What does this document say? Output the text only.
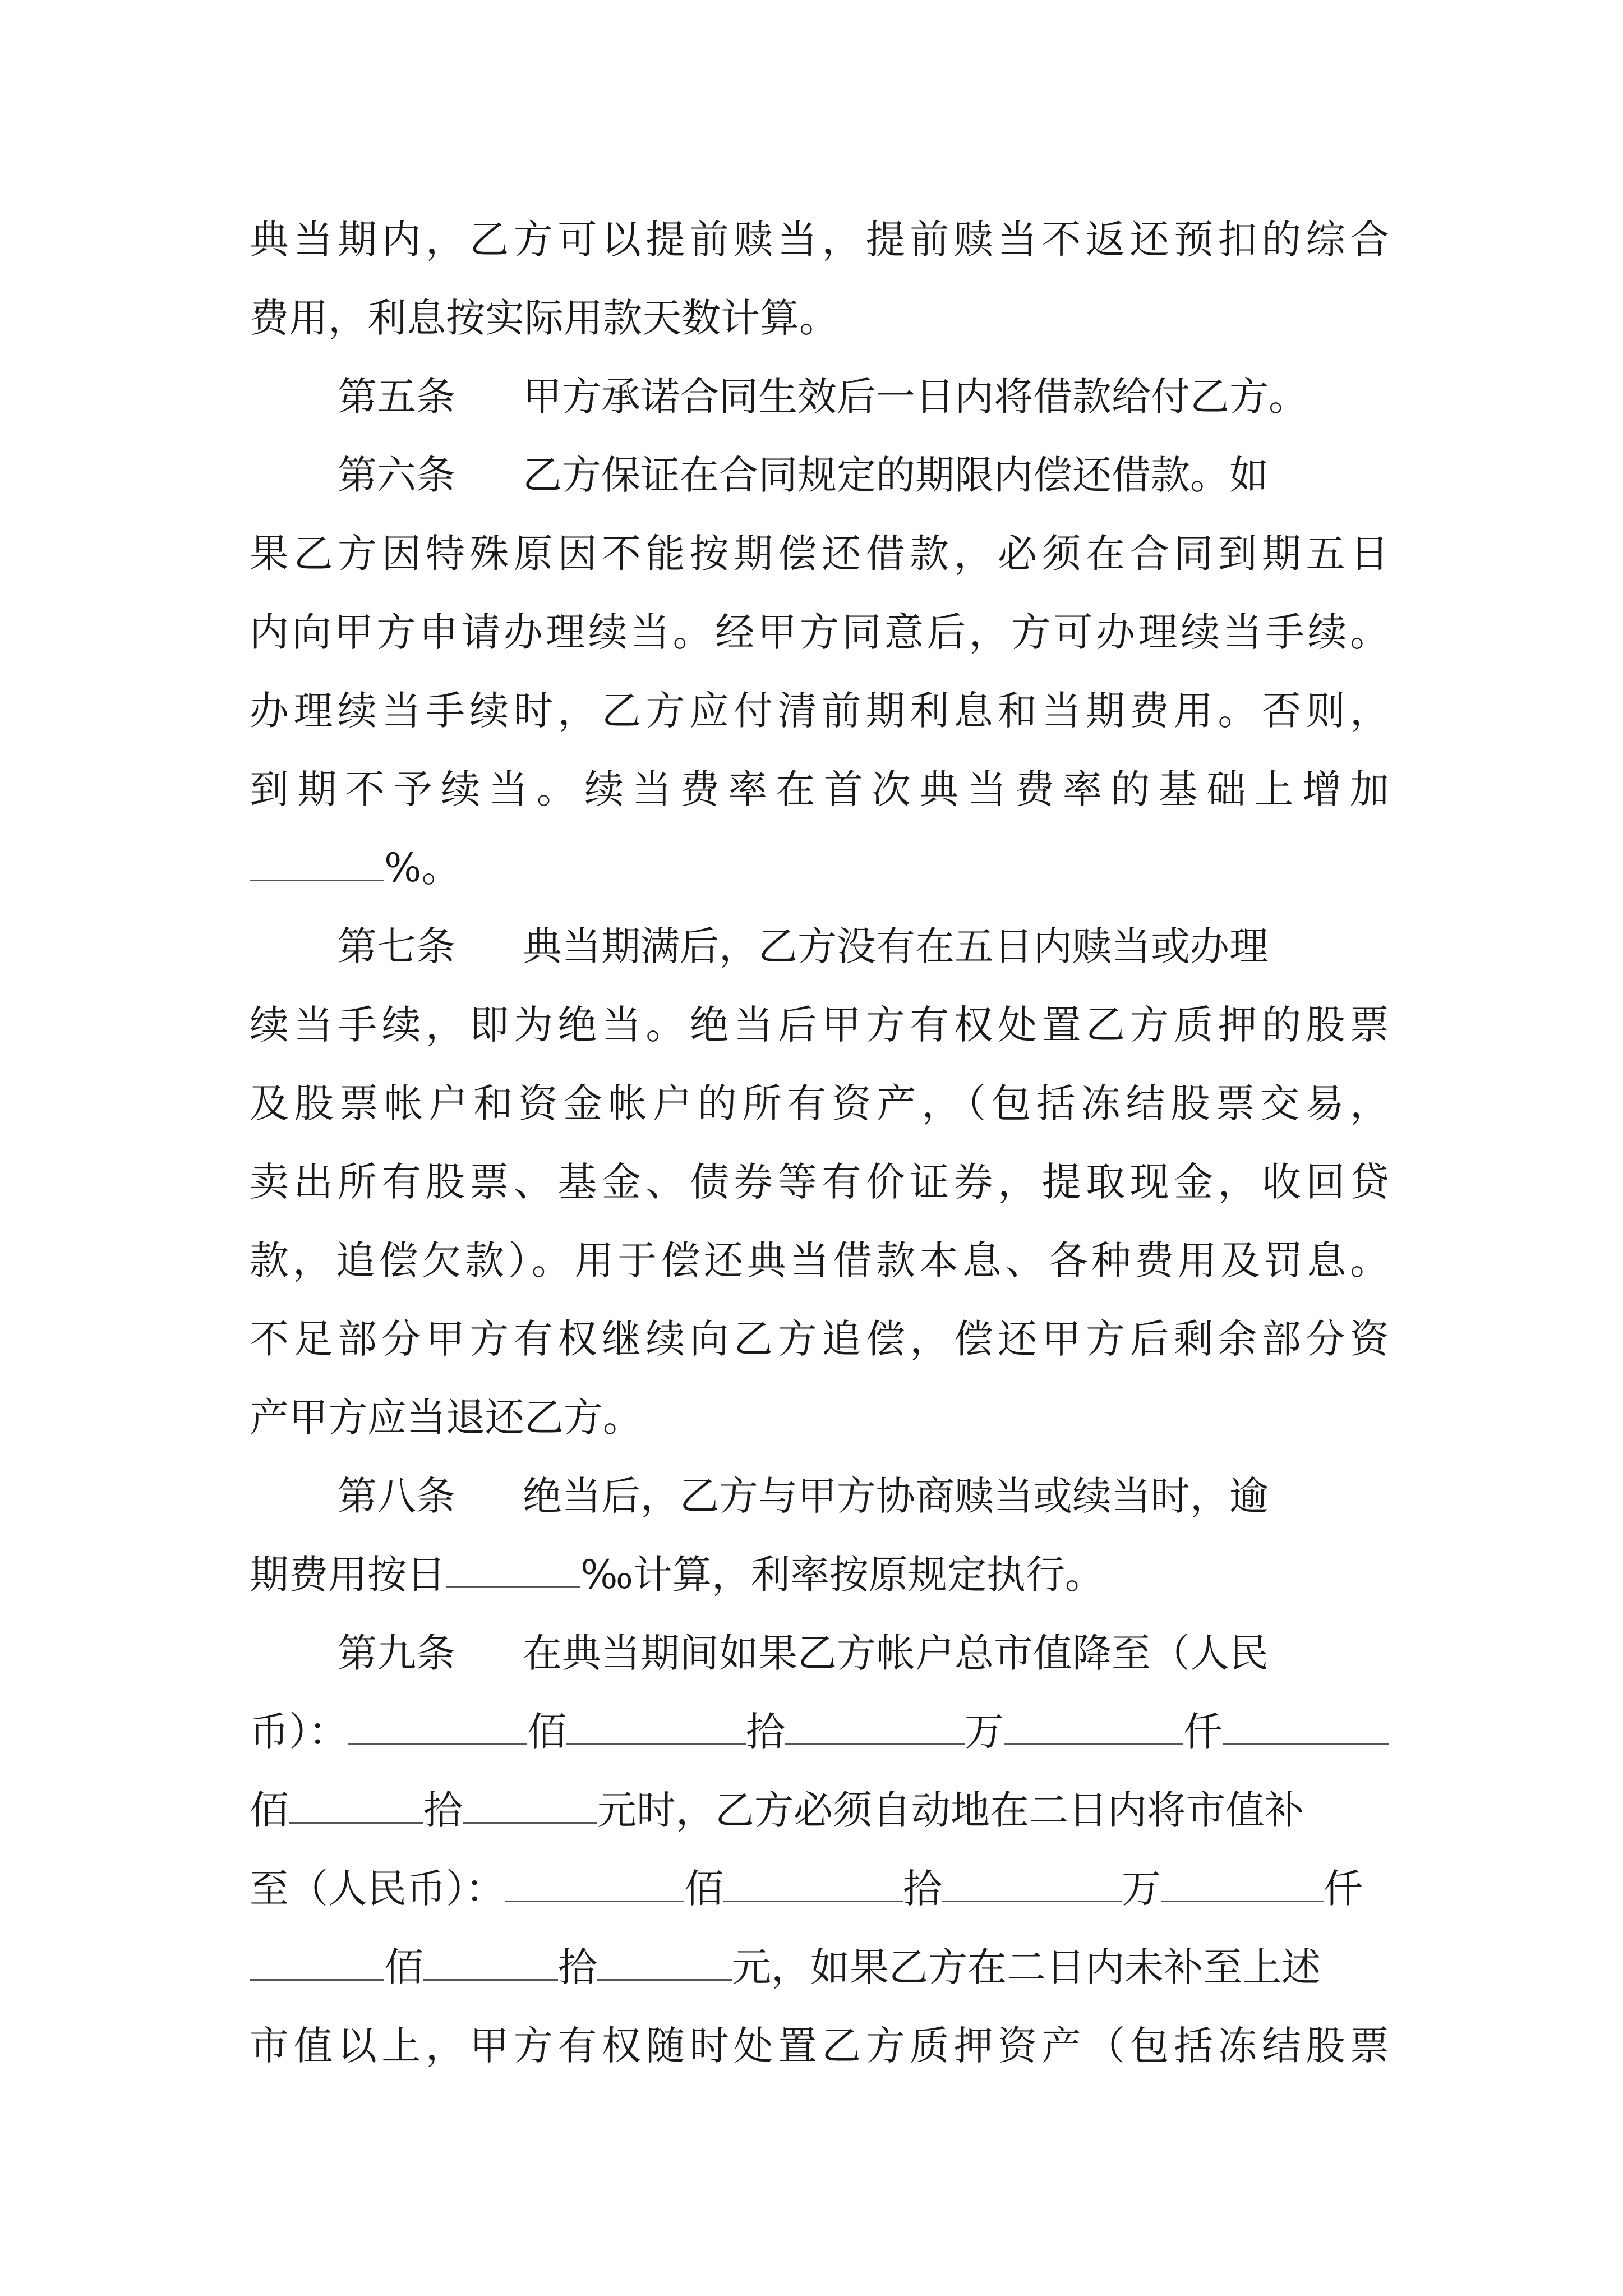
典当期内，乙方可以提前赎当，提前赎当不返还预扣的综合
费用，利息按实际用款天数计算。
第五条 甲方承诺合同生效后一日内将借款给付乙方。
第六条 乙方保证在合同规定的期限内偿还借款。如
果乙方因特殊原因不能按期偿还借款，必须在合同到期五日
内向甲方申请办理续当。经甲方同意后，方可办理续当手续。
办理续当手续时，乙方应付清前期利息和当期费用。否则，
到期不予续当。续当费率在首次典当费率的基础上增加
%。
第七条 典当期满后，乙方没有在五日内赎当或办理
续当手续，即为绝当。绝当后甲方有权处置乙方质押的股票
及股票帐户和资金帐户的所有资产，（包括冻结股票交易，
卖出所有股票、基金、债券等有价证券，提取现金，收回贷
款，追偿欠款）。用于偿还典当借款本息、各种费用及罚息。
不足部分甲方有权继续向乙方追偿，偿还甲方后剩余部分资
产甲方应当退还乙方。
第八条 绝当后，乙方与甲方协商赎当或续当时，逾
期费用按日	‰计算，利率按原规定执行。
第九条 在典当期间如果乙方帐户总市值降至（人民
币）：	佰	拾	万	仟
佰	拾	元时，乙方必须自动地在二日内将市值补
至（人民币）：	佰	拾	万	仟
佰	拾	元，如果乙方在二日内未补至上述
市值以上，甲方有权随时处置乙方质押资产（包括冻结股票
